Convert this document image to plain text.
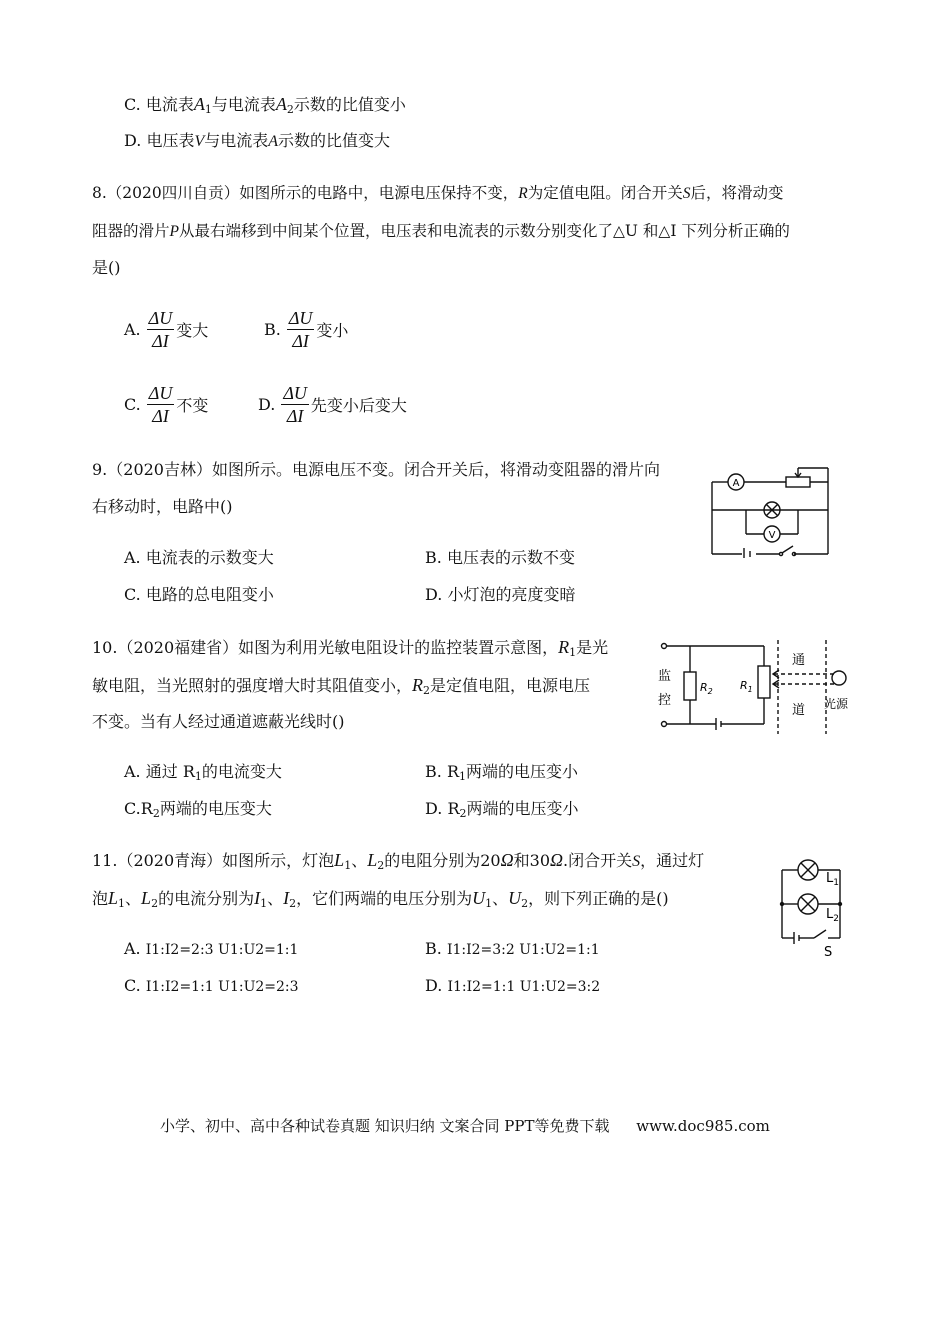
C. 电流表$A_1$与电流表$A_2$示数的比值变小
D. 电压表V与电流表A示数的比值变大
8.（2020四川自贡）如图所示的电路中，电源电压保持不变，R为定值电阻。闭合开关S后，将滑动变
阻器的滑片P从最右端移到中间某个位置，电压表和电流表的示数分别变化了△U 和△I 下列分析正确的
是()
A. $\frac{\Delta U}{\Delta I}$ 变大	B. $\frac{\Delta U}{\Delta I}$ 变小
C. $\frac{\Delta U}{\Delta I}$ 不变	D. $\frac{\Delta U}{\Delta I}$ 先变小后变大
9.（2020吉林）如图所示。电源电压不变。闭合开关后，将滑动变阻器的滑片向
右移动时，电路中()
A
V
A. 电流表的示数变大	B. 电压表的示数不变
C. 电路的总电阻变小	D. 小灯泡的亮度变暗
10.（2020福建省）如图为利用光敏电阻设计的监控装置示意图，$R_1$是光
敏电阻，当光照射的强度增大时其阻值变小，$R_2$是定值电阻，电源电压
不变。当有人经过通道遮蔽光线时()
监
控
$R_2$ $R_1$
通
道 光源
A. 通过 $R_1$的电流变大	B. $R_1$两端的电压变小
$C.R_2$两端的电压变大	D. $R_2$两端的电压变小
11.（2020青海）如图所示，灯泡$L_1$、$L_2$的电阻分别为20Ω和30Ω.闭合开关S，通过灯
泡$L_1$、$L_2$的电流分别为$I_1$、$I_2$，它们两端的电压分别为$U_1$、$U_2$，则下列正确的是()
$L_1$
$L_2$
S
A. I1:I2=2:3 U1:U2=1:1	B. I1:I2=3:2 U1:U2=1:1
C. I1:I2=1:1 U1:U2=2:3	D. I1:I2=1:1 U1:U2=3:2
小学、初中、高中各种试卷真题 知识归纳 文案合同 PPT等免费下载 www.doc985.com
